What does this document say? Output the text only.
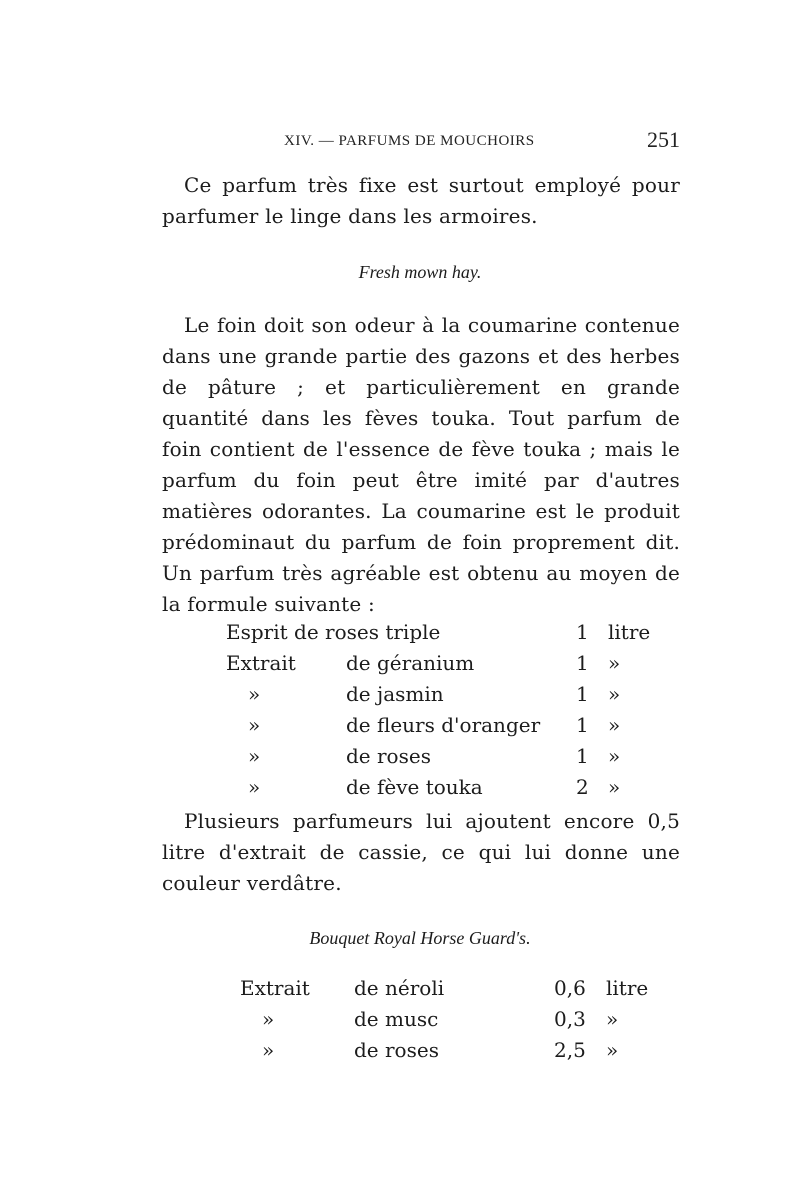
XIV. — PARFUMS DE MOUCHOIRS	251
Ce parfum très fixe est surtout employé pour parfumer le linge dans les armoires.
Fresh mown hay.
Le foin doit son odeur à la coumarine contenue dans une grande partie des gazons et des herbes de pâture ; et particulièrement en grande quantité dans les fèves touka. Tout parfum de foin contient de l'essence de fève touka ; mais le parfum du foin peut être imité par d'autres matières odorantes. La coumarine est le produit prédominaut du parfum de foin proprement dit. Un parfum très agréable est obtenu au moyen de la formule suivante :
Esprit de roses triple		1	litre
Extrait	de géranium	1	»
»	de jasmin	1	»
»	de fleurs d'oranger	1	»
»	de roses	1	»
»	de fève touka	2	»
Plusieurs parfumeurs lui ajoutent encore 0,5 litre d'extrait de cassie, ce qui lui donne une couleur verdâtre.
Bouquet Royal Horse Guard's.
Extrait	de néroli	0,6	litre
»	de musc	0,3	»
»	de roses	2,5	»
